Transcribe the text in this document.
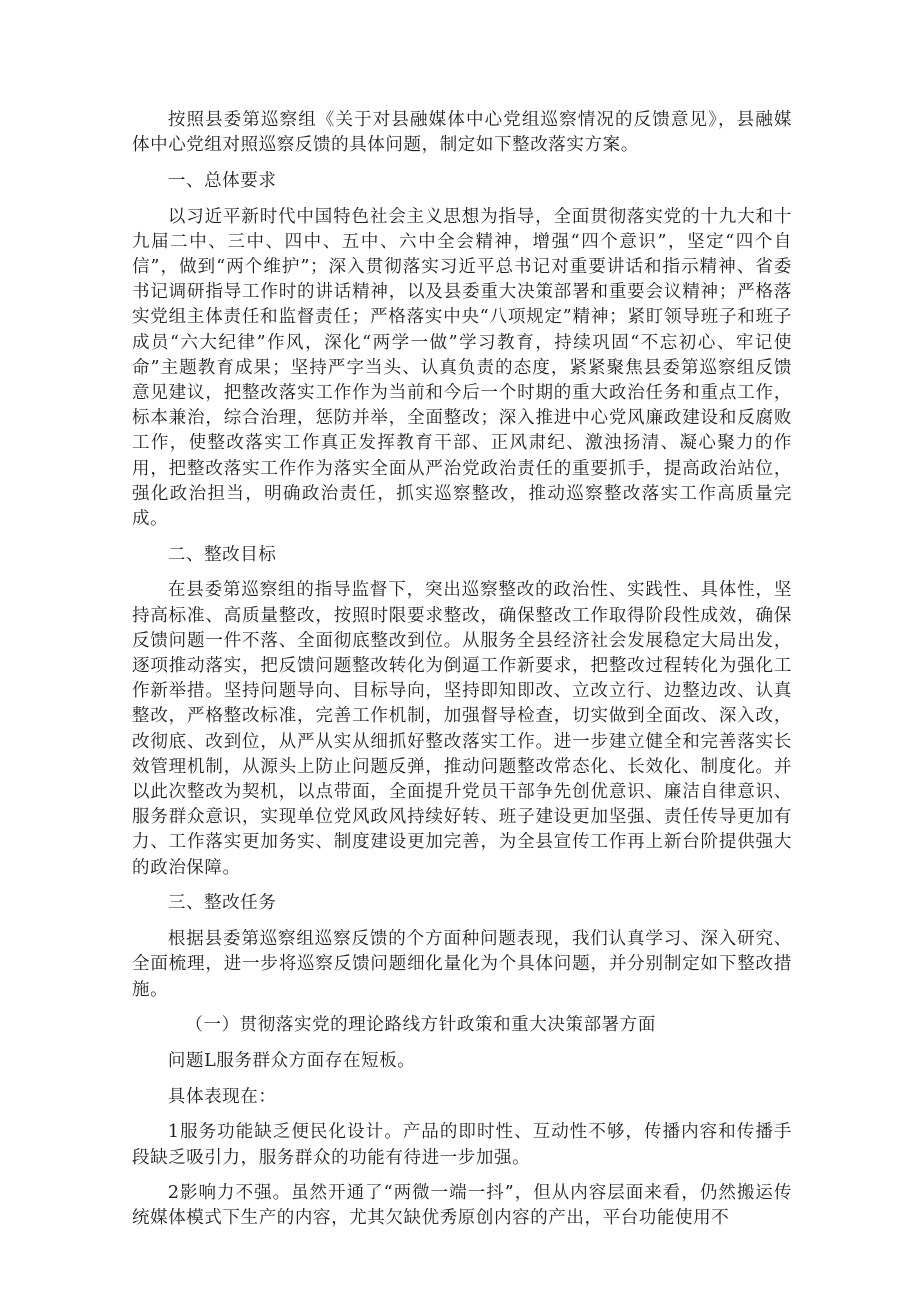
按照县委第巡察组《关于对县融媒体中心党组巡察情况的反馈意见》，县融媒体中心党组对照巡察反馈的具体问题，制定如下整改落实方案。

一、总体要求

以习近平新时代中国特色社会主义思想为指导，全面贯彻落实党的十九大和十九届二中、三中、四中、五中、六中全会精神，增强“四个意识”，坚定“四个自信”，做到“两个维护”；深入贯彻落实习近平总书记对重要讲话和指示精神、省委书记调研指导工作时的讲话精神，以及县委重大决策部署和重要会议精神；严格落实党组主体责任和监督责任；严格落实中央“八项规定”精神；紧盯领导班子和班子成员“六大纪律”作风，深化“两学一做”学习教育，持续巩固“不忘初心、牢记使命”主题教育成果；坚持严字当头、认真负责的态度，紧紧聚焦县委第巡察组反馈意见建议，把整改落实工作作为当前和今后一个时期的重大政治任务和重点工作，标本兼治，综合治理，惩防并举，全面整改；深入推进中心党风廉政建设和反腐败工作，使整改落实工作真正发挥教育干部、正风肃纪、激浊扬清、凝心聚力的作用，把整改落实工作作为落实全面从严治党政治责任的重要抓手，提高政治站位，强化政治担当，明确政治责任，抓实巡察整改，推动巡察整改落实工作高质量完成。

二、整改目标

在县委第巡察组的指导监督下，突出巡察整改的政治性、实践性、具体性，坚持高标准、高质量整改，按照时限要求整改，确保整改工作取得阶段性成效，确保反馈问题一件不落、全面彻底整改到位。从服务全县经济社会发展稳定大局出发，逐项推动落实，把反馈问题整改转化为倒逼工作新要求，把整改过程转化为强化工作新举措。坚持问题导向、目标导向，坚持即知即改、立改立行、边整边改、认真整改，严格整改标准，完善工作机制，加强督导检查，切实做到全面改、深入改，改彻底、改到位，从严从实从细抓好整改落实工作。进一步建立健全和完善落实长效管理机制，从源头上防止问题反弹，推动问题整改常态化、长效化、制度化。并以此次整改为契机，以点带面，全面提升党员干部争先创优意识、廉洁自律意识、服务群众意识，实现单位党风政风持续好转、班子建设更加坚强、责任传导更加有力、工作落实更加务实、制度建设更加完善，为全县宣传工作再上新台阶提供强大的政治保障。

三、整改任务

根据县委第巡察组巡察反馈的个方面种问题表现，我们认真学习、深入研究、全面梳理，进一步将巡察反馈问题细化量化为个具体问题，并分别制定如下整改措施。

（一）贯彻落实党的理论路线方针政策和重大决策部署方面

问题L服务群众方面存在短板。

具体表现在：

1服务功能缺乏便民化设计。产品的即时性、互动性不够，传播内容和传播手段缺乏吸引力，服务群众的功能有待进一步加强。

2影响力不强。虽然开通了“两微一端一抖”，但从内容层面来看，仍然搬运传统媒体模式下生产的内容，尤其欠缺优秀原创内容的产出，平台功能使用不
